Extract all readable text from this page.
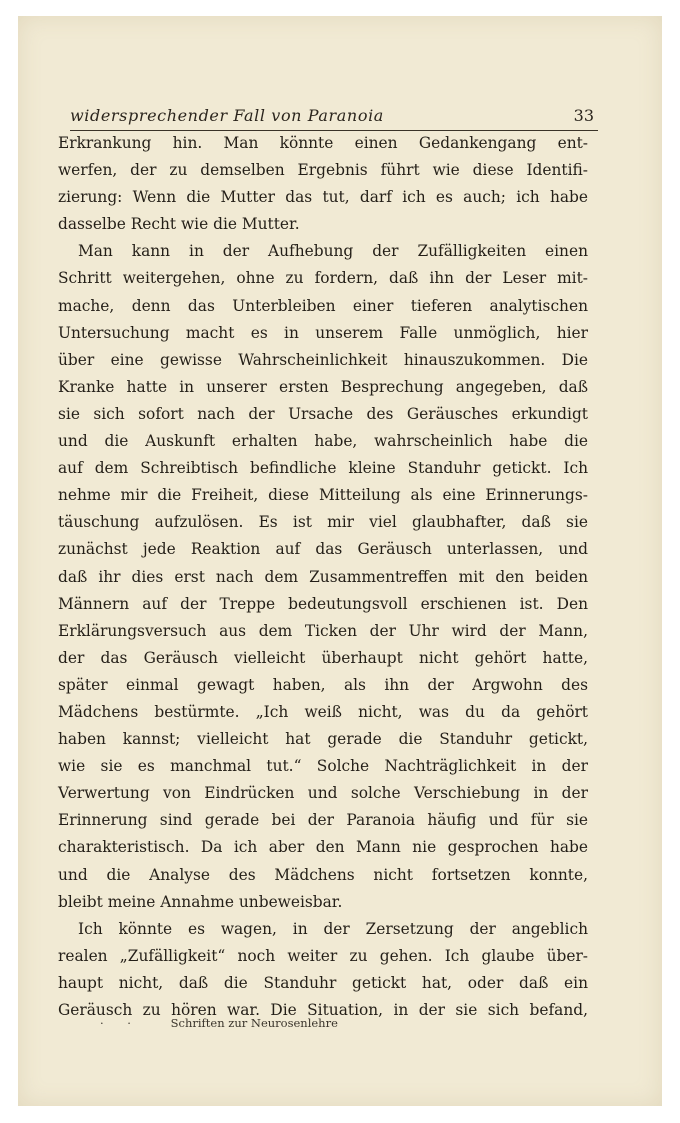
widersprechender Fall von Paranoia	33

Erkrankung hin. Man könnte einen Gedankengang ent-
werfen, der zu demselben Ergebnis führt wie diese Identifi-
zierung: Wenn die Mutter das tut, darf ich es auch; ich habe
dasselbe Recht wie die Mutter.

Man kann in der Aufhebung der Zufälligkeiten einen
Schritt weitergehen, ohne zu fordern, daß ihn der Leser mit-
mache, denn das Unterbleiben einer tieferen analytischen
Untersuchung macht es in unserem Falle unmöglich, hier
über eine gewisse Wahrscheinlichkeit hinauszukommen. Die
Kranke hatte in unserer ersten Besprechung angegeben, daß
sie sich sofort nach der Ursache des Geräusches erkundigt
und die Auskunft erhalten habe, wahrscheinlich habe die
auf dem Schreibtisch befindliche kleine Standuhr getickt. Ich
nehme mir die Freiheit, diese Mitteilung als eine Erinnerungs-
täuschung aufzulösen. Es ist mir viel glaubhafter, daß sie
zunächst jede Reaktion auf das Geräusch unterlassen, und
daß ihr dies erst nach dem Zusammentreffen mit den beiden
Männern auf der Treppe bedeutungsvoll erschienen ist. Den
Erklärungsversuch aus dem Ticken der Uhr wird der Mann,
der das Geräusch vielleicht überhaupt nicht gehört hatte,
später einmal gewagt haben, als ihn der Argwohn des
Mädchens bestürmte. „Ich weiß nicht, was du da gehört
haben kannst; vielleicht hat gerade die Standuhr getickt,
wie sie es manchmal tut.“ Solche Nachträglichkeit in der
Verwertung von Eindrücken und solche Verschiebung in der
Erinnerung sind gerade bei der Paranoia häufig und für sie
charakteristisch. Da ich aber den Mann nie gesprochen habe
und die Analyse des Mädchens nicht fortsetzen konnte,
bleibt meine Annahme unbeweisbar.

Ich könnte es wagen, in der Zersetzung der angeblich
realen „Zufälligkeit“ noch weiter zu gehen. Ich glaube über-
haupt nicht, daß die Standuhr getickt hat, oder daß ein
Geräusch zu hören war. Die Situation, in der sie sich befand,

· ·	Schriften zur Neurosenlehre
